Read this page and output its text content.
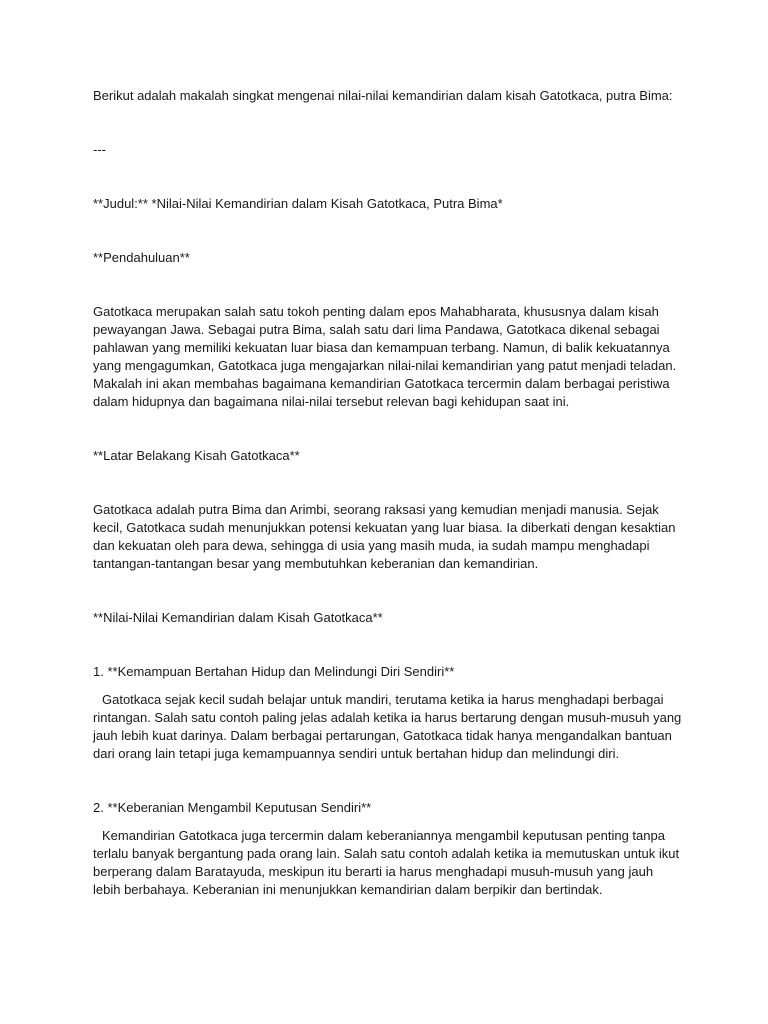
Berikut adalah makalah singkat mengenai nilai-nilai kemandirian dalam kisah Gatotkaca, putra Bima:

---

**Judul:** *Nilai-Nilai Kemandirian dalam Kisah Gatotkaca, Putra Bima*

**Pendahuluan**

Gatotkaca merupakan salah satu tokoh penting dalam epos Mahabharata, khususnya dalam kisah pewayangan Jawa. Sebagai putra Bima, salah satu dari lima Pandawa, Gatotkaca dikenal sebagai pahlawan yang memiliki kekuatan luar biasa dan kemampuan terbang. Namun, di balik kekuatannya yang mengagumkan, Gatotkaca juga mengajarkan nilai-nilai kemandirian yang patut menjadi teladan. Makalah ini akan membahas bagaimana kemandirian Gatotkaca tercermin dalam berbagai peristiwa dalam hidupnya dan bagaimana nilai-nilai tersebut relevan bagi kehidupan saat ini.

**Latar Belakang Kisah Gatotkaca**

Gatotkaca adalah putra Bima dan Arimbi, seorang raksasi yang kemudian menjadi manusia. Sejak kecil, Gatotkaca sudah menunjukkan potensi kekuatan yang luar biasa. Ia diberkati dengan kesaktian dan kekuatan oleh para dewa, sehingga di usia yang masih muda, ia sudah mampu menghadapi tantangan-tantangan besar yang membutuhkan keberanian dan kemandirian.

**Nilai-Nilai Kemandirian dalam Kisah Gatotkaca**

1. **Kemampuan Bertahan Hidup dan Melindungi Diri Sendiri**

Gatotkaca sejak kecil sudah belajar untuk mandiri, terutama ketika ia harus menghadapi berbagai rintangan. Salah satu contoh paling jelas adalah ketika ia harus bertarung dengan musuh-musuh yang jauh lebih kuat darinya. Dalam berbagai pertarungan, Gatotkaca tidak hanya mengandalkan bantuan dari orang lain tetapi juga kemampuannya sendiri untuk bertahan hidup dan melindungi diri.

2. **Keberanian Mengambil Keputusan Sendiri**

Kemandirian Gatotkaca juga tercermin dalam keberaniannya mengambil keputusan penting tanpa terlalu banyak bergantung pada orang lain. Salah satu contoh adalah ketika ia memutuskan untuk ikut berperang dalam Baratayuda, meskipun itu berarti ia harus menghadapi musuh-musuh yang jauh lebih berbahaya. Keberanian ini menunjukkan kemandirian dalam berpikir dan bertindak.
